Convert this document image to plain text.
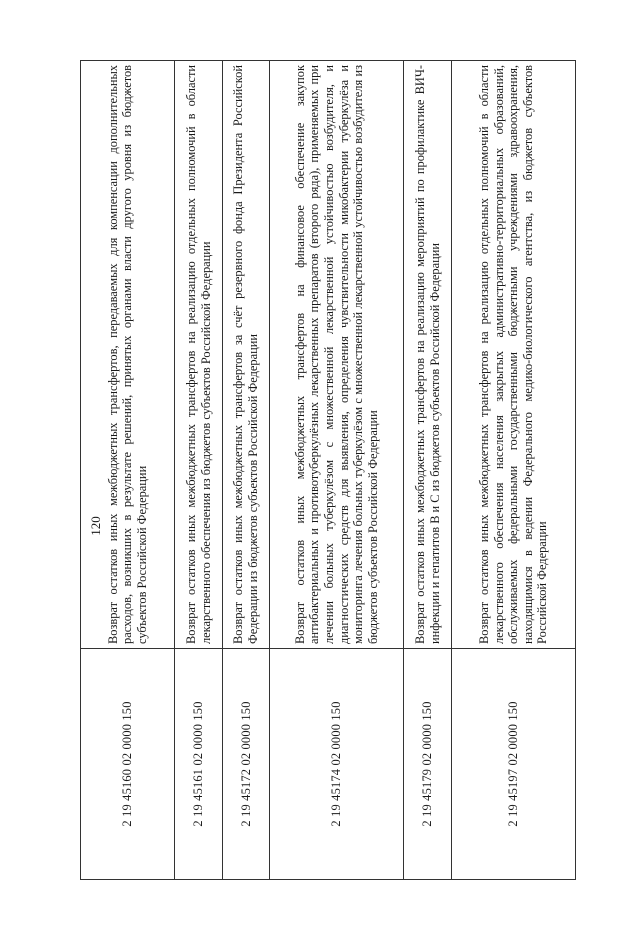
120
2 19 45160 02 0000 150	Возврат остатков иных межбюджетных трансфертов, передаваемых для компенсации дополнительных расходов, возникших в результате решений, принятых органами власти другого уровня из бюджетов субъектов Российской Федерации
2 19 45161 02 0000 150	Возврат остатков иных межбюджетных трансфертов на реализацию отдельных полномочий в области лекарственного обеспечения из бюджетов субъектов Российской Федерации
2 19 45172 02 0000 150	Возврат остатков иных межбюджетных трансфертов за счёт резервного фонда Президента Российской Федерации из бюджетов субъектов Российской Федерации
2 19 45174 02 0000 150	Возврат остатков иных межбюджетных трансфертов на финансовое обеспечение закупок антибактериальных и противотуберкулёзных лекарственных препаратов (второго ряда), применяемых при лечении больных туберкулёзом с множественной лекарственной устойчивостью возбудителя, и диагностических средств для выявления, определения чувствительности микобактерии туберкулёза и мониторинга лечения больных туберкулёзом с множественной лекарственной устойчивостью возбудителя из бюджетов субъектов Российской Федерации
2 19 45179 02 0000 150	Возврат остатков иных межбюджетных трансфертов на реализацию мероприятий по профилактике ВИЧ-инфекции и гепатитов B и C из бюджетов субъектов Российской Федерации
2 19 45197 02 0000 150	Возврат остатков иных межбюджетных трансфертов на реализацию отдельных полномочий в области лекарственного обеспечения населения закрытых административно-территориальных образований, обслуживаемых федеральными государственными бюджетными учреждениями здравоохранения, находящимися в ведении Федерального медико-биологического агентства, из бюджетов субъектов Российской Федерации
